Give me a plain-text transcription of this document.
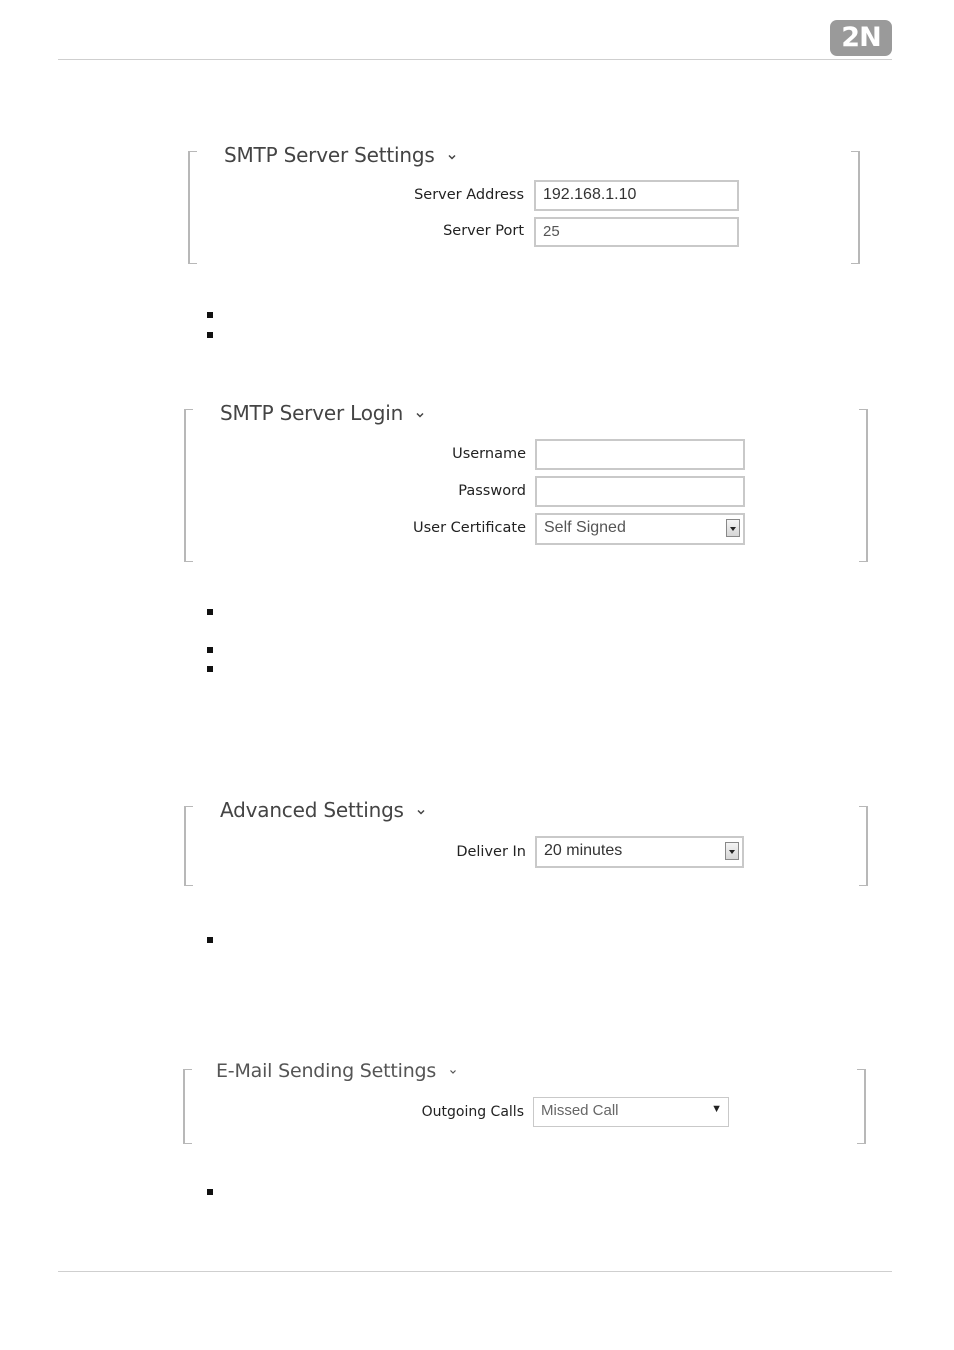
2N
SMTP Server Settings
Server Address	192.168.1.10
Server Port	25
SMTP Server Login
Username
Password
User Certificate	Self Signed
Advanced Settings
Deliver In	20 minutes
E-Mail Sending Settings
Outgoing Calls	Missed Call	▼
